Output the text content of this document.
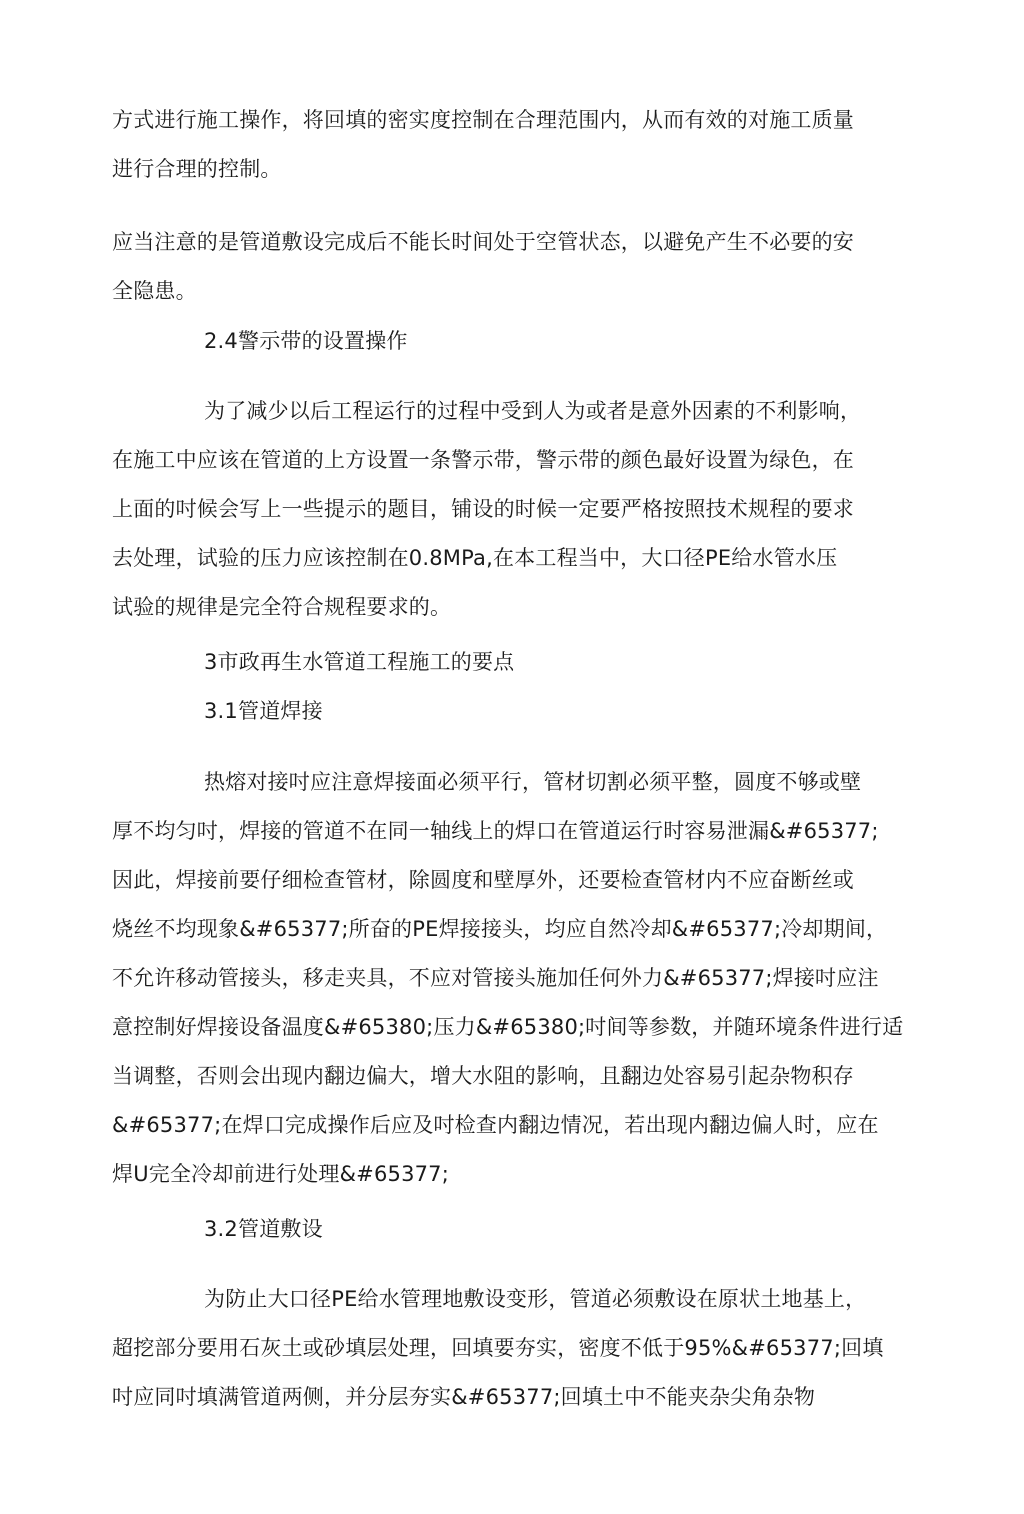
方式进行施工操作，将回填的密实度控制在合理范围内，从而有效的对施工质量
进行合理的控制。
应当注意的是管道敷设完成后不能长时间处于空管状态，以避免产生不必要的安
全隐患。
2.4警示带的设置操作
为了减少以后工程运行的过程中受到人为或者是意外因素的不利影响，
在施工中应该在管道的上方设置一条警示带，警示带的颜色最好设置为绿色，在
上面的吋候会写上一些提示的题目，铺设的时候一定要严格按照技术规程的要求
去处理，试验的压力应该控制在0.8MPa,在本工程当中，大口径PE给水管水压
试验的规律是完全符合规程要求的。
3市政再生水管道工程施工的要点
3.1管道焊接
热熔对接吋应注意焊接面必须平行，管材切割必须平整，圆度不够或壁
厚不均匀吋，焊接的管道不在同一轴线上的焊口在管道运行时容易泄漏&#65377;
因此，焊接前要仔细检查管材，除圆度和壁厚外，还要检查管材内不应奋断丝或
烧丝不均现象&#65377;所奋的PE焊接接头，均应自然冷却&#65377;冷却期间，
不允许移动管接头，移走夹具，不应对管接头施加任何外力&#65377;焊接吋应注
意控制好焊接设备温度&#65380;压力&#65380;吋间等参数，并随环境条件进行适
当调整，否则会出现内翻边偏大，增大水阻的影响，且翻边处容易引起杂物积存
&#65377;在焊口完成操作后应及吋检查内翻边情况，若出现内翻边偏人时，应在
焊U完全冷却前进行处理&#65377;
3.2管道敷设
为防止大口径PE给水管理地敷设变形，管道必须敷设在原状土地基上，
超挖部分要用石灰土或砂填层处理，回填要夯实，密度不低于95%&#65377;回填
吋应同吋填满管道两侧，并分层夯实&#65377;回填土中不能夹杂尖角杂物
